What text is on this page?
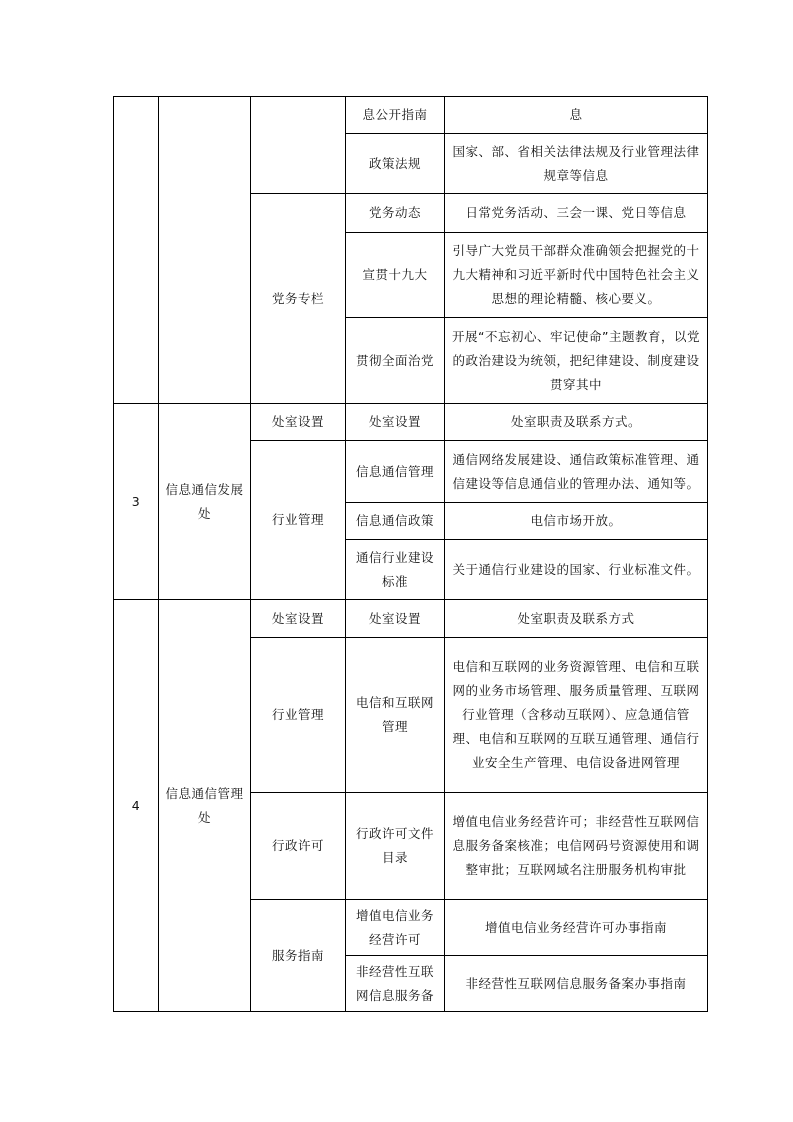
			息公开指南	息
			政策法规	国家、部、省相关法律法规及行业管理法律规章等信息
		党务专栏	党务动态	日常党务活动、三会一课、党日等信息
			宣贯十九大	引导广大党员干部群众准确领会把握党的十九大精神和习近平新时代中国特色社会主义思想的理论精髓、核心要义。
			贯彻全面治党	开展“不忘初心、牢记使命”主题教育，以党的政治建设为统领，把纪律建设、制度建设贯穿其中
3	信息通信发展处	处室设置	处室设置	处室职责及联系方式。
		行业管理	信息通信管理	通信网络发展建设、通信政策标准管理、通信建设等信息通信业的管理办法、通知等。
			信息通信政策	电信市场开放。
			通信行业建设标准	关于通信行业建设的国家、行业标准文件。
4	信息通信管理处	处室设置	处室设置	处室职责及联系方式
		行业管理	电信和互联网管理	电信和互联网的业务资源管理、电信和互联网的业务市场管理、服务质量管理、互联网行业管理（含移动互联网）、应急通信管理、电信和互联网的互联互通管理、通信行业安全生产管理、电信设备进网管理
		行政许可	行政许可文件目录	增值电信业务经营许可；非经营性互联网信息服务备案核准；电信网码号资源使用和调整审批；互联网域名注册服务机构审批
		服务指南	增值电信业务经营许可	增值电信业务经营许可办事指南
			非经营性互联网信息服务备	非经营性互联网信息服务备案办事指南
